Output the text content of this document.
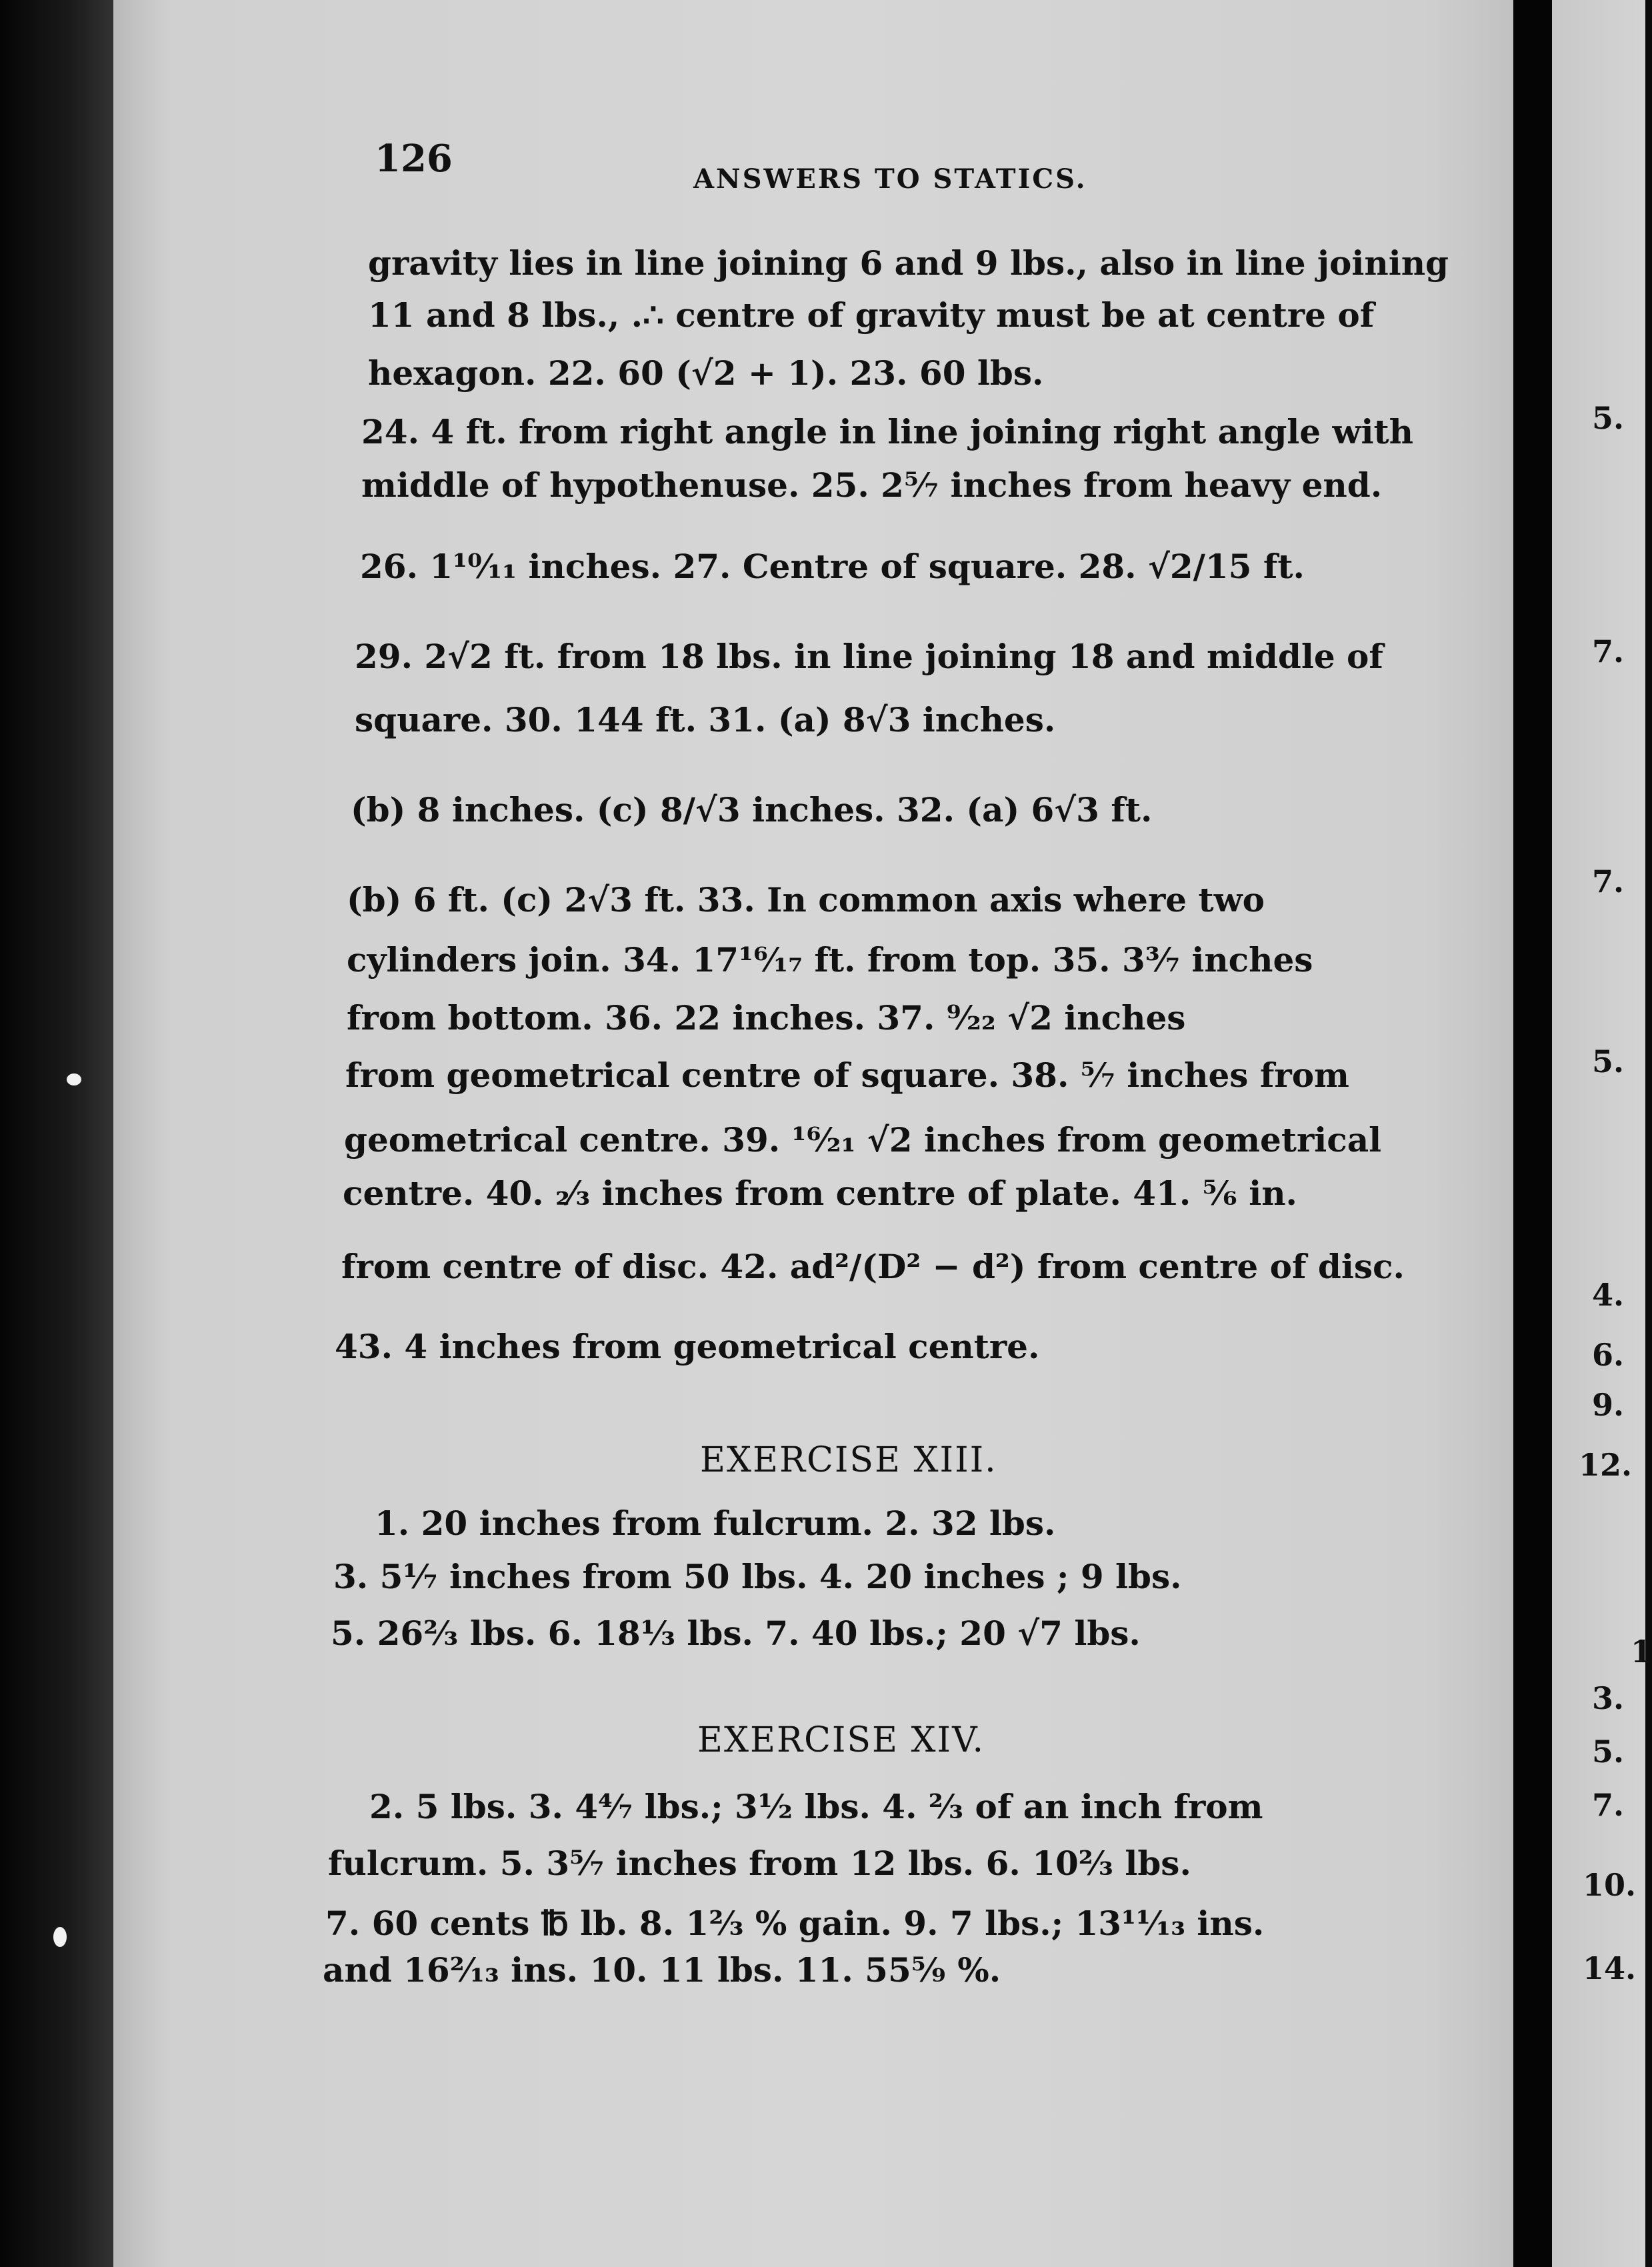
126	ANSWERS TO STATICS.
gravity lies in line joining 6 and 9 lbs., also in line joining
11 and 8 lbs., .∴ centre of gravity must be at centre of
hexagon. 22. 60 (√2 + 1). 23. 60 lbs.
24. 4 ft. from right angle in line joining right angle with
middle of hypothenuse. 25. 2⁵⁄₇ inches from heavy end.
26. 1¹⁰⁄₁₁ inches. 27. Centre of square. 28. √2/15 ft.
29. 2√2 ft. from 18 lbs. in line joining 18 and middle of
square. 30. 144 ft. 31. (a) 8√3 inches.
(b) 8 inches. (c) 8/√3 inches. 32. (a) 6√3 ft.
(b) 6 ft. (c) 2√3 ft. 33. In common axis where two
cylinders join. 34. 17¹⁶⁄₁₇ ft. from top. 35. 3³⁄₇ inches
from bottom. 36. 22 inches. 37. ⁹⁄₂₂ √2 inches
from geometrical centre of square. 38. ⁵⁄₇ inches from
geometrical centre. 39. ¹⁶⁄₂₁ √2 inches from geometrical
centre. 40. ₂⁄₃ inches from centre of plate. 41. ⁵⁄₆ in.
from centre of disc. 42. ad²/(D² − d²) from centre of disc.
43. 4 inches from geometrical centre.
EXERCISE XIII.
1. 20 inches from fulcrum. 2. 32 lbs.
3. 5¹⁄₇ inches from 50 lbs. 4. 20 inches ; 9 lbs.
5. 26²⁄₃ lbs. 6. 18¹⁄₃ lbs. 7. 40 lbs.; 20 √7 lbs.
EXERCISE XIV.
2. 5 lbs. 3. 4⁴⁄₇ lbs.; 3¹⁄₂ lbs. 4. ²⁄₃ of an inch from
fulcrum. 5. 3⁵⁄₇ inches from 12 lbs. 6. 10²⁄₃ lbs.
7. 60 cents ℔ lb. 8. 1²⁄₃ % gain. 9. 7 lbs.; 13¹¹⁄₁₃ ins.
and 16²⁄₁₃ ins. 10. 11 lbs. 11. 55⁵⁄₉ %.
5.
7.
7.
5.
4.
6.
9.
12.
1
3.
5.
7.
10.
14.
